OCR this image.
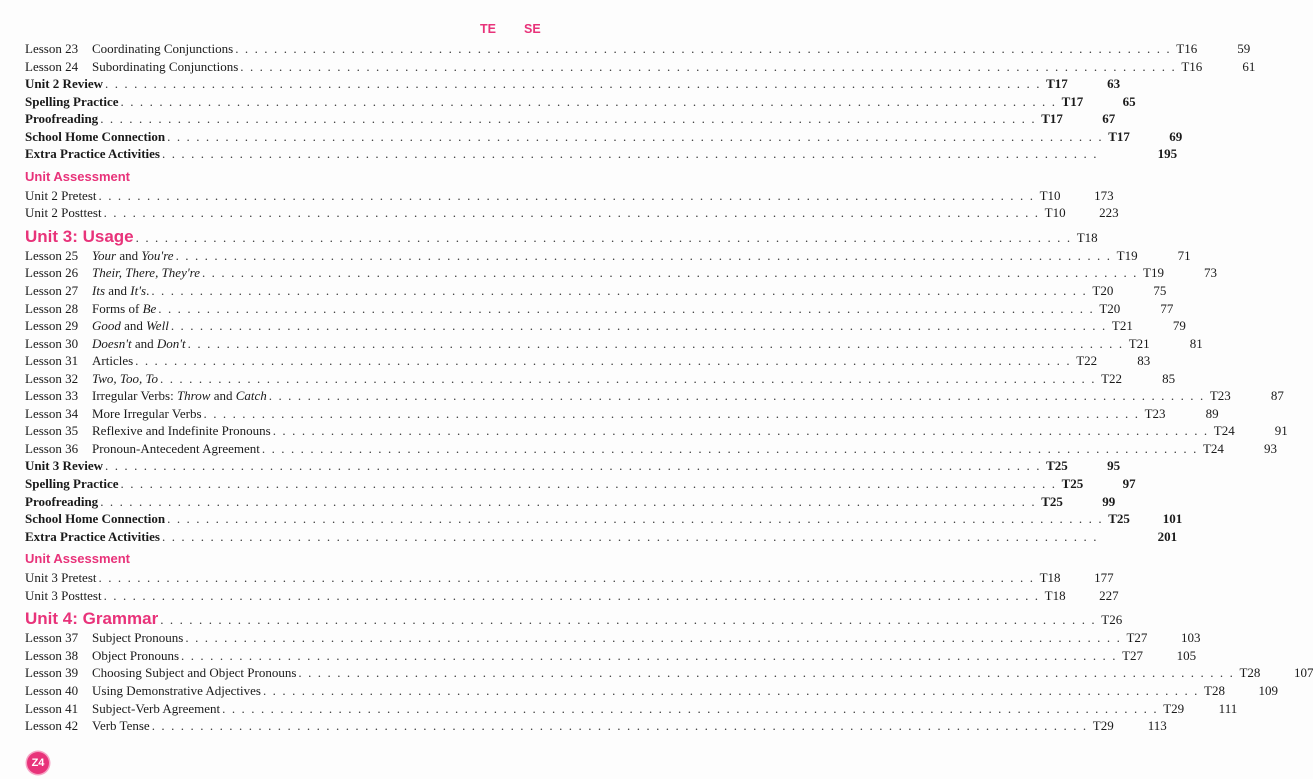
TE SE
Lesson 23	Coordinating Conjunctions . . . . . . . . . . . . . . . . . . . . . . . . . . . . . . . . . . . . . . . . . . . . . . . . . . . . . . . . . . . . . . . . . . . . . . . . . . . . . . . . . . . . . . . . . . . . . . . . . T16	59
Lesson 24	Subordinating Conjunctions . . . . . . . . . . . . . . . . . . . . . . . . . . . . . . . . . . . . . . . . . . . . . . . . . . . . . . . . . . . . . . . . . . . . . . . . . . . . . . . . . . . . . . . . . . . . . . . . . T16	61
Unit 2 Review . . . . . . . . . . . . . . . . . . . . . . . . . . . . . . . . . . . . . . . . . . . . . . . . . . . . . . . . . . . . . . . . . . . . . . . . . . . . . . . . . . . . . . . . . . . . . . . . . T17	63
Spelling Practice . . . . . . . . . . . . . . . . . . . . . . . . . . . . . . . . . . . . . . . . . . . . . . . . . . . . . . . . . . . . . . . . . . . . . . . . . . . . . . . . . . . . . . . . . . . . . . . . . T17	65
Proofreading . . . . . . . . . . . . . . . . . . . . . . . . . . . . . . . . . . . . . . . . . . . . . . . . . . . . . . . . . . . . . . . . . . . . . . . . . . . . . . . . . . . . . . . . . . . . . . . . . T17	67
School Home Connection . . . . . . . . . . . . . . . . . . . . . . . . . . . . . . . . . . . . . . . . . . . . . . . . . . . . . . . . . . . . . . . . . . . . . . . . . . . . . . . . . . . . . . . . . . . . . . . . . T17	69
Extra Practice Activities . . . . . . . . . . . . . . . . . . . . . . . . . . . . . . . . . . . . . . . . . . . . . . . . . . . . . . . . . . . . . . . . . . . . . . . . . . . . . . . . . . . . . . . . . . . . . . . . .	195
Unit Assessment
Unit 2 Pretest . . . . . . . . . . . . . . . . . . . . . . . . . . . . . . . . . . . . . . . . . . . . . . . . . . . . . . . . . . . . . . . . . . . . . . . . . . . . . . . . . . . . . . . . . . . . . . . . . T10	173
Unit 2 Posttest . . . . . . . . . . . . . . . . . . . . . . . . . . . . . . . . . . . . . . . . . . . . . . . . . . . . . . . . . . . . . . . . . . . . . . . . . . . . . . . . . . . . . . . . . . . . . . . . . T10	223
Unit 3: Usage . . . . . . . . . . . . . . . . . . . . . . . . . . . . . . . . . . . . . . . . . . . . . . . . . . . . . . . . . . . . . . . . . . . . . . . . . . . . . . . . . . . . . . . . . . . . . . . . . T18
Lesson 25	Your and You're . . . . . . . . . . . . . . . . . . . . . . . . . . . . . . . . . . . . . . . . . . . . . . . . . . . . . . . . . . . . . . . . . . . . . . . . . . . . . . . . . . . . . . . . . . . . . . . . . T19	71
Lesson 26	Their, There, They're . . . . . . . . . . . . . . . . . . . . . . . . . . . . . . . . . . . . . . . . . . . . . . . . . . . . . . . . . . . . . . . . . . . . . . . . . . . . . . . . . . . . . . . . . . . . . . . . . T19	73
Lesson 27	Its and It's. . . . . . . . . . . . . . . . . . . . . . . . . . . . . . . . . . . . . . . . . . . . . . . . . . . . . . . . . . . . . . . . . . . . . . . . . . . . . . . . . . . . . . . . . . . . . . . . . . T20	75
Lesson 28	Forms of Be . . . . . . . . . . . . . . . . . . . . . . . . . . . . . . . . . . . . . . . . . . . . . . . . . . . . . . . . . . . . . . . . . . . . . . . . . . . . . . . . . . . . . . . . . . . . . . . . . T20	77
Lesson 29	Good and Well . . . . . . . . . . . . . . . . . . . . . . . . . . . . . . . . . . . . . . . . . . . . . . . . . . . . . . . . . . . . . . . . . . . . . . . . . . . . . . . . . . . . . . . . . . . . . . . . . T21	79
Lesson 30	Doesn't and Don't . . . . . . . . . . . . . . . . . . . . . . . . . . . . . . . . . . . . . . . . . . . . . . . . . . . . . . . . . . . . . . . . . . . . . . . . . . . . . . . . . . . . . . . . . . . . . . . . . T21	81
Lesson 31	Articles . . . . . . . . . . . . . . . . . . . . . . . . . . . . . . . . . . . . . . . . . . . . . . . . . . . . . . . . . . . . . . . . . . . . . . . . . . . . . . . . . . . . . . . . . . . . . . . . . T22	83
Lesson 32	Two, Too, To . . . . . . . . . . . . . . . . . . . . . . . . . . . . . . . . . . . . . . . . . . . . . . . . . . . . . . . . . . . . . . . . . . . . . . . . . . . . . . . . . . . . . . . . . . . . . . . . . T22	85
Lesson 33	Irregular Verbs: Throw and Catch . . . . . . . . . . . . . . . . . . . . . . . . . . . . . . . . . . . . . . . . . . . . . . . . . . . . . . . . . . . . . . . . . . . . . . . . . . . . . . . . . . . . . . . . . . . . . . . . . T23	87
Lesson 34	More Irregular Verbs . . . . . . . . . . . . . . . . . . . . . . . . . . . . . . . . . . . . . . . . . . . . . . . . . . . . . . . . . . . . . . . . . . . . . . . . . . . . . . . . . . . . . . . . . . . . . . . . . T23	89
Lesson 35	Reflexive and Indefinite Pronouns . . . . . . . . . . . . . . . . . . . . . . . . . . . . . . . . . . . . . . . . . . . . . . . . . . . . . . . . . . . . . . . . . . . . . . . . . . . . . . . . . . . . . . . . . . . . . . . . . T24	91
Lesson 36	Pronoun-Antecedent Agreement . . . . . . . . . . . . . . . . . . . . . . . . . . . . . . . . . . . . . . . . . . . . . . . . . . . . . . . . . . . . . . . . . . . . . . . . . . . . . . . . . . . . . . . . . . . . . . . . . T24	93
Unit 3 Review . . . . . . . . . . . . . . . . . . . . . . . . . . . . . . . . . . . . . . . . . . . . . . . . . . . . . . . . . . . . . . . . . . . . . . . . . . . . . . . . . . . . . . . . . . . . . . . . . T25	95
Spelling Practice . . . . . . . . . . . . . . . . . . . . . . . . . . . . . . . . . . . . . . . . . . . . . . . . . . . . . . . . . . . . . . . . . . . . . . . . . . . . . . . . . . . . . . . . . . . . . . . . . T25	97
Proofreading . . . . . . . . . . . . . . . . . . . . . . . . . . . . . . . . . . . . . . . . . . . . . . . . . . . . . . . . . . . . . . . . . . . . . . . . . . . . . . . . . . . . . . . . . . . . . . . . . T25	99
School Home Connection . . . . . . . . . . . . . . . . . . . . . . . . . . . . . . . . . . . . . . . . . . . . . . . . . . . . . . . . . . . . . . . . . . . . . . . . . . . . . . . . . . . . . . . . . . . . . . . . . T25	101
Extra Practice Activities . . . . . . . . . . . . . . . . . . . . . . . . . . . . . . . . . . . . . . . . . . . . . . . . . . . . . . . . . . . . . . . . . . . . . . . . . . . . . . . . . . . . . . . . . . . . . . . . .	201
Unit Assessment
Unit 3 Pretest . . . . . . . . . . . . . . . . . . . . . . . . . . . . . . . . . . . . . . . . . . . . . . . . . . . . . . . . . . . . . . . . . . . . . . . . . . . . . . . . . . . . . . . . . . . . . . . . . T18	177
Unit 3 Posttest . . . . . . . . . . . . . . . . . . . . . . . . . . . . . . . . . . . . . . . . . . . . . . . . . . . . . . . . . . . . . . . . . . . . . . . . . . . . . . . . . . . . . . . . . . . . . . . . . T18	227
Unit 4: Grammar . . . . . . . . . . . . . . . . . . . . . . . . . . . . . . . . . . . . . . . . . . . . . . . . . . . . . . . . . . . . . . . . . . . . . . . . . . . . . . . . . . . . . . . . . . . . . . . . . T26
Lesson 37	Subject Pronouns . . . . . . . . . . . . . . . . . . . . . . . . . . . . . . . . . . . . . . . . . . . . . . . . . . . . . . . . . . . . . . . . . . . . . . . . . . . . . . . . . . . . . . . . . . . . . . . . . T27	103
Lesson 38	Object Pronouns . . . . . . . . . . . . . . . . . . . . . . . . . . . . . . . . . . . . . . . . . . . . . . . . . . . . . . . . . . . . . . . . . . . . . . . . . . . . . . . . . . . . . . . . . . . . . . . . . T27	105
Lesson 39	Choosing Subject and Object Pronouns . . . . . . . . . . . . . . . . . . . . . . . . . . . . . . . . . . . . . . . . . . . . . . . . . . . . . . . . . . . . . . . . . . . . . . . . . . . . . . . . . . . . . . . . . . . . . . . . . T28	107
Lesson 40	Using Demonstrative Adjectives . . . . . . . . . . . . . . . . . . . . . . . . . . . . . . . . . . . . . . . . . . . . . . . . . . . . . . . . . . . . . . . . . . . . . . . . . . . . . . . . . . . . . . . . . . . . . . . . . T28	109
Lesson 41	Subject-Verb Agreement . . . . . . . . . . . . . . . . . . . . . . . . . . . . . . . . . . . . . . . . . . . . . . . . . . . . . . . . . . . . . . . . . . . . . . . . . . . . . . . . . . . . . . . . . . . . . . . . . T29	111
Lesson 42	Verb Tense . . . . . . . . . . . . . . . . . . . . . . . . . . . . . . . . . . . . . . . . . . . . . . . . . . . . . . . . . . . . . . . . . . . . . . . . . . . . . . . . . . . . . . . . . . . . . . . . . T29	113
Z4
